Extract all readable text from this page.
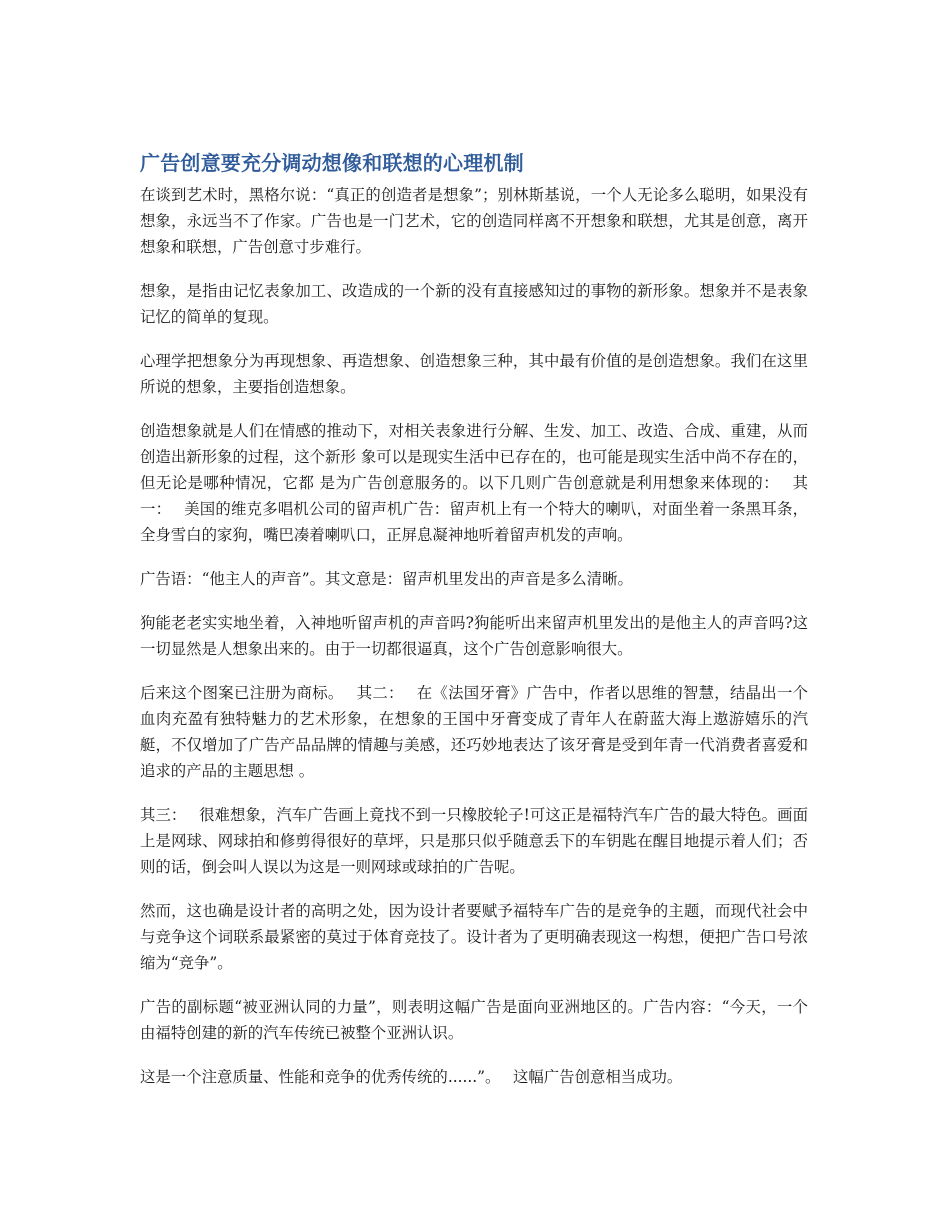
广告创意要充分调动想像和联想的心理机制

在谈到艺术时，黑格尔说：“真正的创造者是想象”；别林斯基说，一个人无论多么聪明，如果没有想象，永远当不了作家。广告也是一门艺术，它的创造同样离不开想象和联想，尤其是创意，离开想象和联想，广告创意寸步难行。

想象，是指由记忆表象加工、改造成的一个新的没有直接感知过的事物的新形象。想象并不是表象记忆的简单的复现。

心理学把想象分为再现想象、再造想象、创造想象三种，其中最有价值的是创造想象。我们在这里所说的想象，主要指创造想象。

创造想象就是人们在情感的推动下，对相关表象进行分解、生发、加工、改造、合成、重建，从而创造出新形象的过程，这个新形 象可以是现实生活中已存在的，也可能是现实生活中尚不存在的，但无论是哪种情况，它都 是为广告创意服务的。以下几则广告创意就是利用想象来体现的：　 其一：　 美国的维克多唱机公司的留声机广告：留声机上有一个特大的喇叭，对面坐着一条黑耳条，全身雪白的家狗，嘴巴凑着喇叭口，正屏息凝神地听着留声机发的声响。

广告语：“他主人的声音”。其文意是：留声机里发出的声音是多么清晰。

狗能老老实实地坐着，入神地听留声机的声音吗?狗能听出来留声机里发出的是他主人的声音吗?这一切显然是人想象出来的。由于一切都很逼真，这个广告创意影响很大。

后来这个图案已注册为商标。　 其二：　 在《法国牙膏》广告中，作者以思维的智慧，结晶出一个血肉充盈有独特魅力的艺术形象，在想象的王国中牙膏变成了青年人在蔚蓝大海上遨游嬉乐的汽艇，不仅增加了广告产品品牌的情趣与美感，还巧妙地表达了该牙膏是受到年青一代消费者喜爱和追求的产品的主题思想 。

其三：　 很难想象，汽车广告画上竟找不到一只橡胶轮子!可这正是福特汽车广告的最大特色。画面上是网球、网球拍和修剪得很好的草坪，只是那只似乎随意丢下的车钥匙在醒目地提示着人们；否则的话，倒会叫人误以为这是一则网球或球拍的广告呢。

然而，这也确是设计者的高明之处，因为设计者要赋予福特车广告的是竞争的主题，而现代社会中与竞争这个词联系最紧密的莫过于体育竞技了。设计者为了更明确表现这一构想，便把广告口号浓缩为“竞争”。

广告的副标题“被亚洲认同的力量”，则表明这幅广告是面向亚洲地区的。广告内容：“今天，一个由福特创建的新的汽车传统已被整个亚洲认识。

这是一个注意质量、性能和竞争的优秀传统的......”。　 这幅广告创意相当成功。
